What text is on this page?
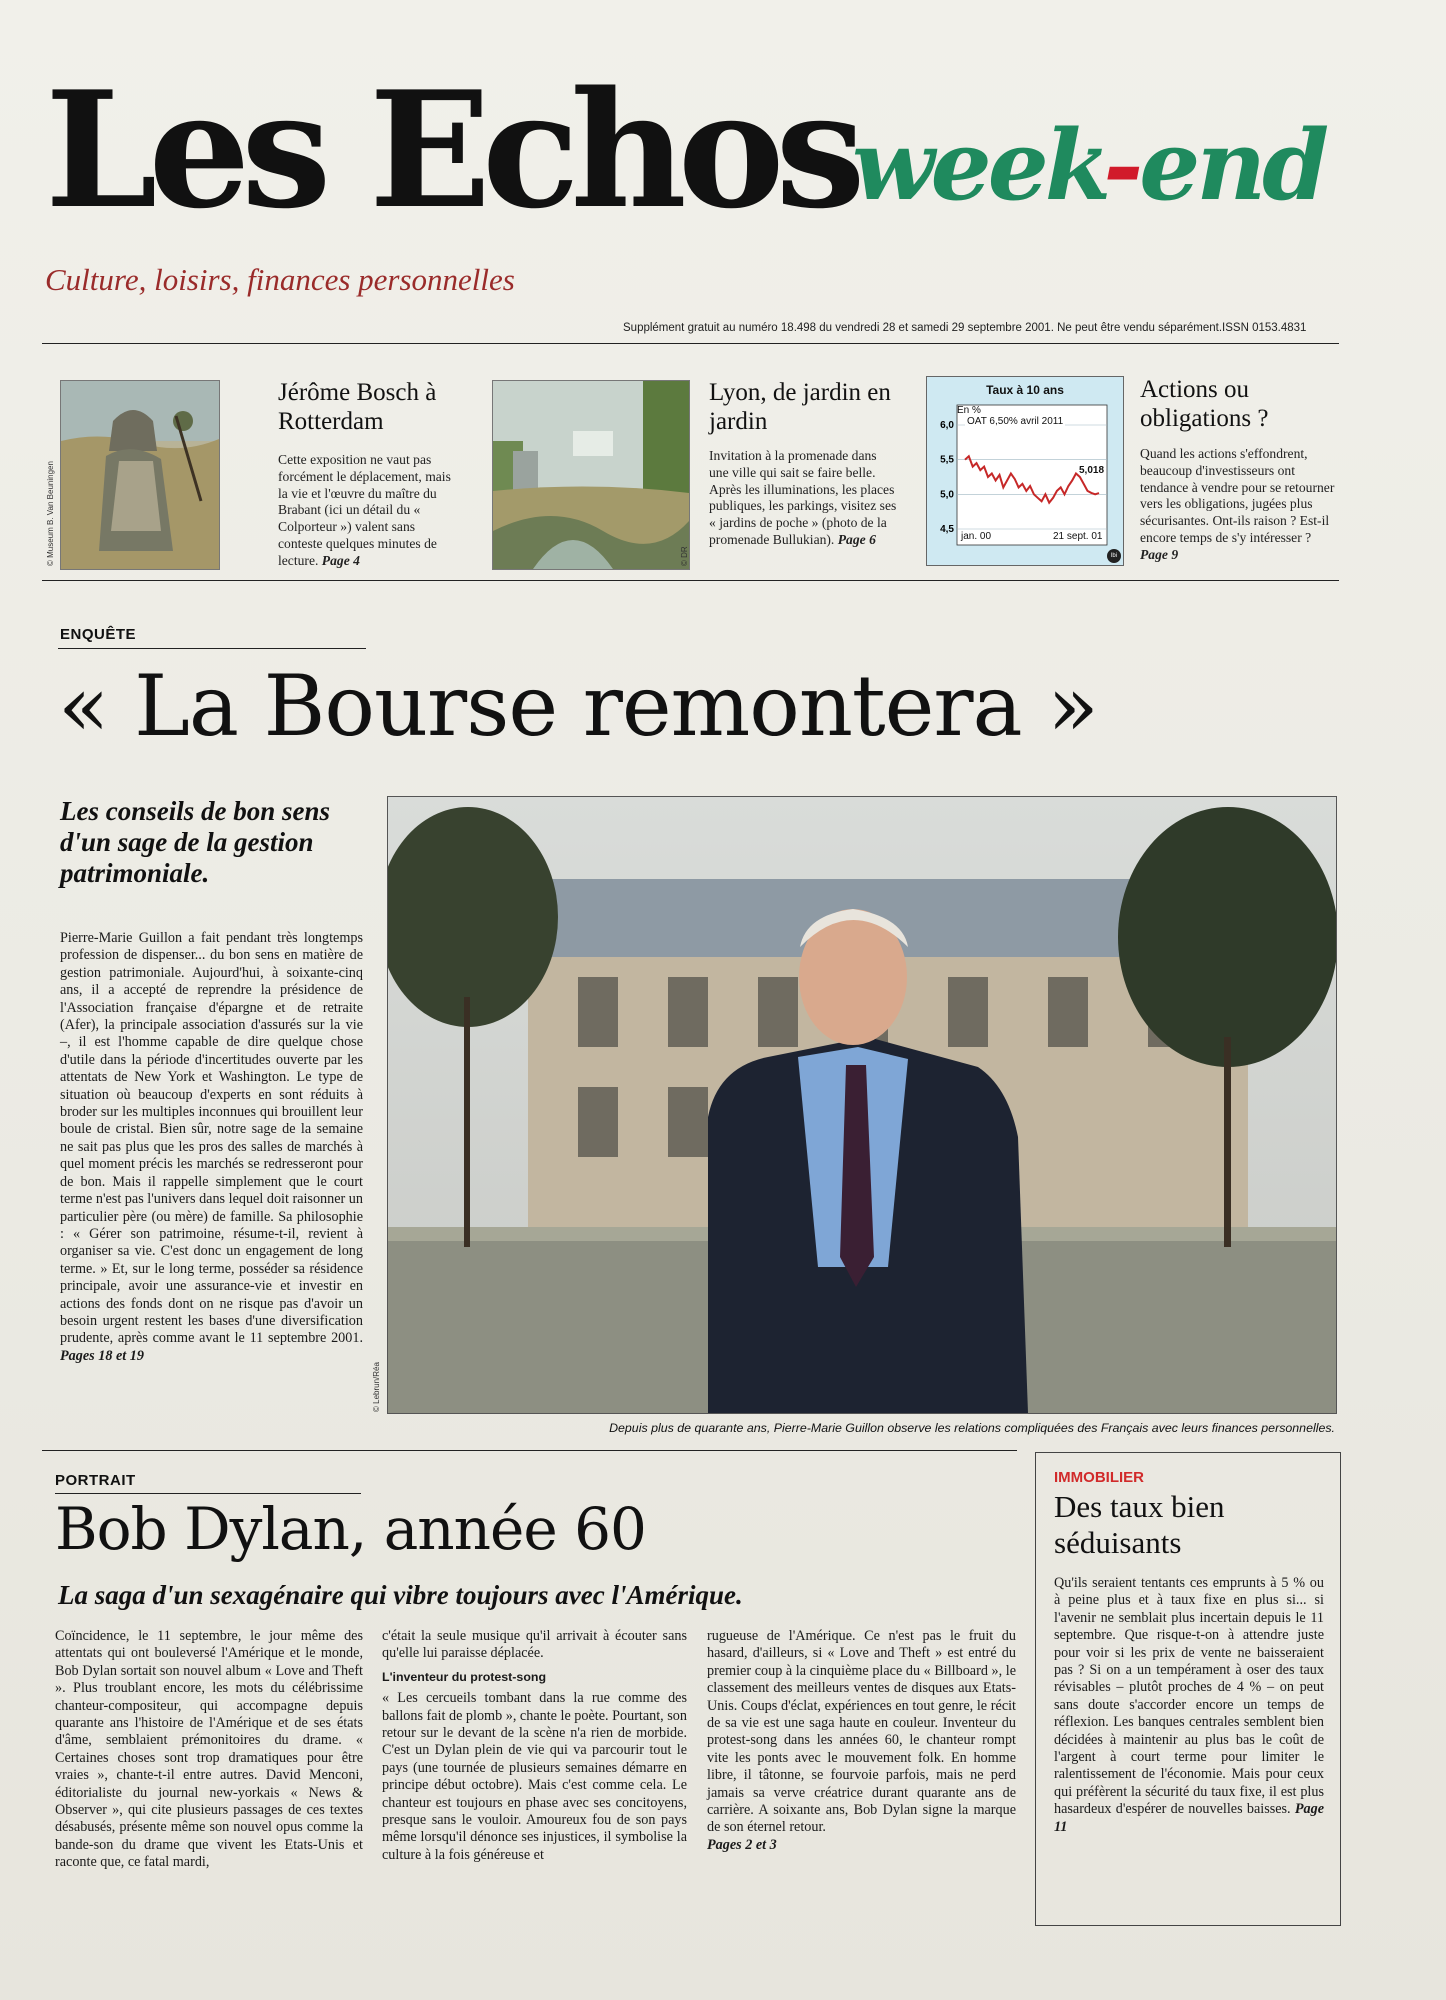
Les Echos
week-end
Culture, loisirs, finances personnelles
Supplément gratuit au numéro 18.498 du vendredi 28 et samedi 29 septembre 2001. Ne peut être vendu séparément.ISSN 0153.4831
© Museum B. Van Beuningen
Jérôme Bosch à Rotterdam
Cette exposition ne vaut pas forcément le déplacement, mais la vie et l'œuvre du maître du Brabant (ici un détail du « Colporteur ») valent sans conteste quelques minutes de lecture. Page 4	© DR
Lyon, de jardin en jardin
Invitation à la promenade dans une ville qui sait se faire belle. Après les illuminations, les places publiques, les parkings, visitez ses « jardins de poche » (photo de la promenade Bullukian). Page 6
Taux à 10 ans
6,0
5,5
5,0
4,5
En %
OAT 6,50% avril 2011
5,018
jan. 00	21 sept. 01
lbi
Actions ou obligations ?
Quand les actions s'effondrent, beaucoup d'investisseurs ont tendance à vendre pour se retourner vers les obligations, jugées plus sécurisantes. Ont-ils raison ? Est-il encore temps de s'y intéresser ? Page 9
ENQUÊTE
« La Bourse remontera »
Les conseils de bon sens d'un sage de la gestion patrimoniale.
Pierre-Marie Guillon a fait pendant très longtemps profession de dispenser... du bon sens en matière de gestion patrimoniale. Aujourd'hui, à soixante-cinq ans, il a accepté de reprendre la présidence de l'Association française d'épargne et de retraite (Afer), la principale association d'assurés sur la vie –, il est l'homme capable de dire quelque chose d'utile dans la période d'incertitudes ouverte par les attentats de New York et Washington. Le type de situation où beaucoup d'experts en sont réduits à broder sur les multiples inconnues qui brouillent leur boule de cristal. Bien sûr, notre sage de la semaine ne sait pas plus que les pros des salles de marchés à quel moment précis les marchés se redresseront pour de bon. Mais il rappelle simplement que le court terme n'est pas l'univers dans lequel doit raisonner un particulier père (ou mère) de famille. Sa philosophie : « Gérer son patrimoine, résume-t-il, revient à organiser sa vie. C'est donc un engagement de long terme. » Et, sur le long terme, posséder sa résidence principale, avoir une assurance-vie et investir en actions des fonds dont on ne risque pas d'avoir un besoin urgent restent les bases d'une diversification prudente, après comme avant le 11 septembre 2001. Pages 18 et 19
© Lebrun/Réa
Depuis plus de quarante ans, Pierre-Marie Guillon observe les relations compliquées des Français avec leurs finances personnelles.
PORTRAIT
Bob Dylan, année 60
La saga d'un sexagénaire qui vibre toujours avec l'Amérique.
Coïncidence, le 11 septembre, le jour même des attentats qui ont bouleversé l'Amérique et le monde, Bob Dylan sortait son nouvel album « Love and Theft ». Plus troublant encore, les mots du célébrissime chanteur-compositeur, qui accompagne depuis quarante ans l'histoire de l'Amérique et de ses états d'âme, semblaient prémonitoires du drame. « Certaines choses sont trop dramatiques pour être vraies », chante-t-il entre autres. David Menconi, éditorialiste du journal new-yorkais « News & Observer », qui cite plusieurs passages de ces textes désabusés, présente même son nouvel opus comme la bande-son du drame que vivent les Etats-Unis et raconte que, ce fatal mardi,
c'était la seule musique qu'il arrivait à écouter sans qu'elle lui paraisse déplacée.
L'inventeur du protest-song
« Les cercueils tombant dans la rue comme des ballons fait de plomb », chante le poète. Pourtant, son retour sur le devant de la scène n'a rien de morbide. C'est un Dylan plein de vie qui va parcourir tout le pays (une tournée de plusieurs semaines démarre en principe début octobre). Mais c'est comme cela. Le chanteur est toujours en phase avec ses concitoyens, presque sans le vouloir. Amoureux fou de son pays même lorsqu'il dénonce ses injustices, il symbolise la culture à la fois généreuse et
rugueuse de l'Amérique. Ce n'est pas le fruit du hasard, d'ailleurs, si « Love and Theft » est entré du premier coup à la cinquième place du « Billboard », le classement des meilleurs ventes de disques aux Etats-Unis. Coups d'éclat, expériences en tout genre, le récit de sa vie est une saga haute en couleur. Inventeur du protest-song dans les années 60, le chanteur rompt vite les ponts avec le mouvement folk. En homme libre, il tâtonne, se fourvoie parfois, mais ne perd jamais sa verve créatrice durant quarante ans de carrière. A soixante ans, Bob Dylan signe la marque de son éternel retour.
Pages 2 et 3
IMMOBILIER
Des taux bien séduisants
Qu'ils seraient tentants ces emprunts à 5 % ou à peine plus et à taux fixe en plus si... si l'avenir ne semblait plus incertain depuis le 11 septembre. Que risque-t-on à attendre juste pour voir si les prix de vente ne baisseraient pas ? Si on a un tempérament à oser des taux révisables – plutôt proches de 4 % – on peut sans doute s'accorder encore un temps de réflexion. Les banques centrales semblent bien décidées à maintenir au plus bas le coût de l'argent à court terme pour limiter le ralentissement de l'économie. Mais pour ceux qui préfèrent la sécurité du taux fixe, il est plus hasardeux d'espérer de nouvelles baisses. Page 11
